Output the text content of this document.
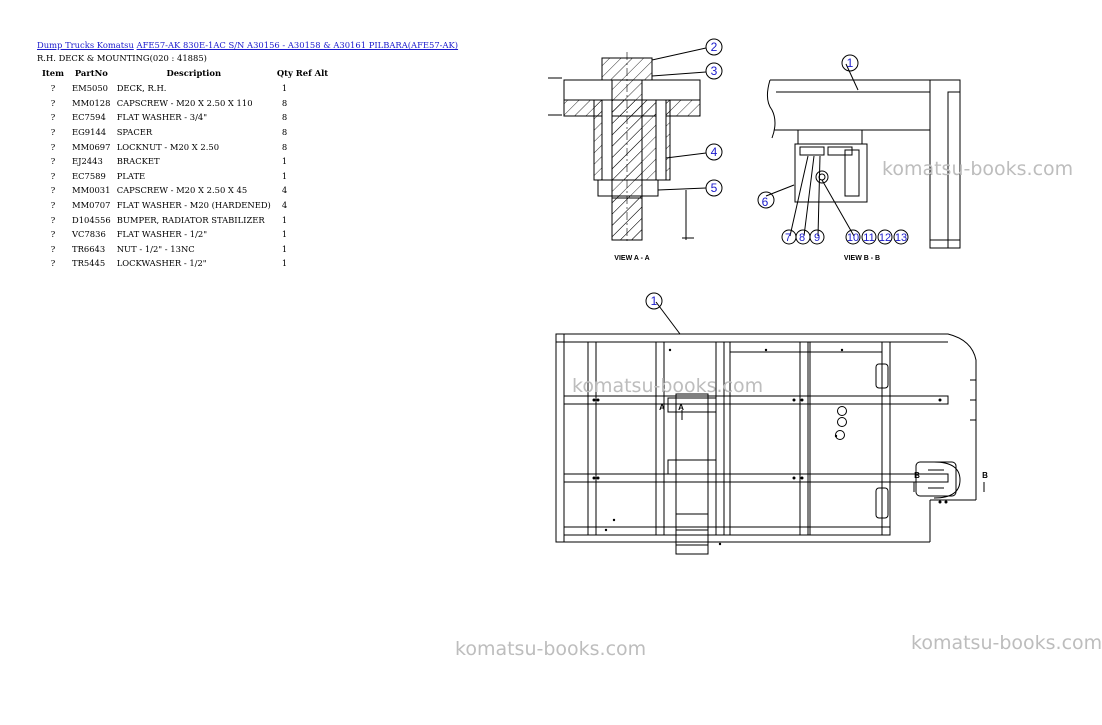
Dump Trucks Komatsu AFE57-AK 830E-1AC S/N A30156 - A30158 & A30161 PILBARA(AFE57-AK)
R.H. DECK & MOUNTING(020 : 41885)
Item	PartNo	Description	Qty Ref Alt
?	EM5050	DECK, R.H.	1
?	MM0128	CAPSCREW - M20 X 2.50 X 110	8
?	EC7594	FLAT WASHER - 3/4"	8
?	EG9144	SPACER	8
?	MM0697	LOCKNUT - M20 X 2.50	8
?	EJ2443	BRACKET	1
?	EC7589	PLATE	1
?	MM0031	CAPSCREW - M20 X 2.50 X 45	4
?	MM0707	FLAT WASHER - M20 (HARDENED)	4
?	D104556	BUMPER, RADIATOR STABILIZER	1
?	VC7836	FLAT WASHER - 1/2"	1
?	TR6643	NUT - 1/2" - 13NC	1
?	TR5445	LOCKWASHER - 1/2"	1
2
3
4
5
VIEW A - A
1
6
7 8 9 10 11 12 13
VIEW B - B
1
A A
B	B
komatsu-books.com
komatsu-books.com
komatsu-books.com	komatsu-books.com
